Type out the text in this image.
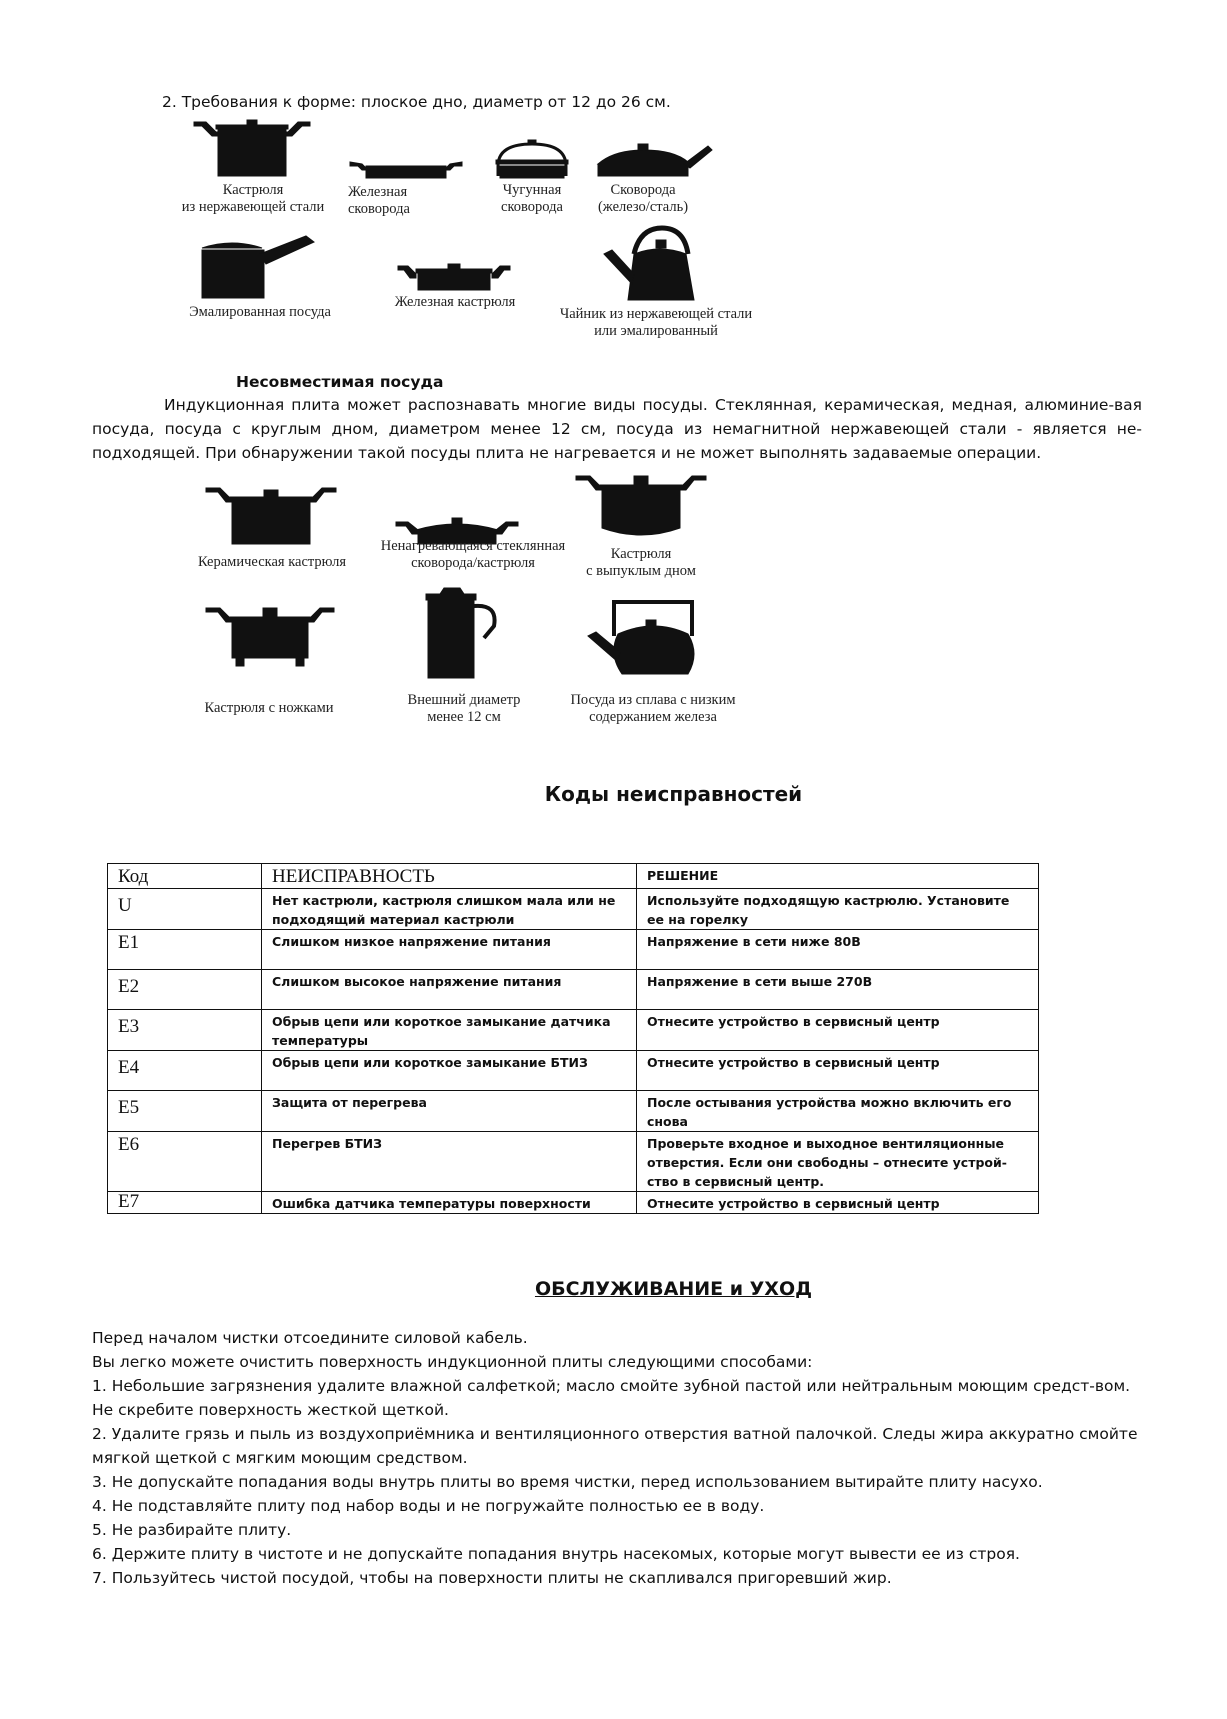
2. Требования к форме: плоское дно, диаметр от 12 до 26 см.
Кастрюля
из нержавеющей стали
Железная
сковорода
Чугунная
сковорода
Сковорода
(железо/сталь)
Эмалированная посуда
Железная кастрюля
Чайник из нержавеющей стали
или эмалированный
Несовместимая посуда
Индукционная плита может распознавать многие виды посуды. Стеклянная, керамическая, медная, алюминие-вая посуда, посуда с круглым дном, диаметром менее 12 см, посуда из немагнитной нержавеющей стали - является не-подходящей. При обнаружении такой посуды плита не нагревается и не может выполнять задаваемые операции.
Керамическая кастрюля
Ненагревающаяся стеклянная
сковорода/кастрюля
Кастрюля
с выпуклым дном
Кастрюля с ножками	Внешний диаметр
менее 12 см
Посуда из сплава с низким
содержанием железа
Коды неисправностей
Код	НЕИСПРАВНОСТЬ	РЕШЕНИЕ
U	Нет кастрюли, кастрюля слишком мала или не подходящий материал кастрюли	Используйте подходящую кастрюлю. Установите ее на горелку
E1	Слишком низкое напряжение питания	Напряжение в сети ниже 80В
E2	Слишком высокое напряжение питания	Напряжение в сети выше 270В
E3	Обрыв цепи или короткое замыкание датчика температуры	Отнесите устройство в сервисный центр
E4	Обрыв цепи или короткое замыкание БТИЗ	Отнесите устройство в сервисный центр
E5	Защита от перегрева	После остывания устройства можно включить его снова
E6	Перегрев БТИЗ	Проверьте входное и выходное вентиляционные отверстия. Если они свободны – отнесите устрой-ство в сервисный центр.
E7	Ошибка датчика температуры поверхности	Отнесите устройство в сервисный центр
ОБСЛУЖИВАНИЕ и УХОД
Перед началом чистки отсоедините силовой кабель.
Вы легко можете очистить поверхность индукционной плиты следующими способами:
1. Небольшие загрязнения удалите влажной салфеткой; масло смойте зубной пастой или нейтральным моющим средст-вом. Не скребите поверхность жесткой щеткой.
2. Удалите грязь и пыль из воздухоприёмника и вентиляционного отверстия ватной палочкой. Следы жира аккуратно смойте мягкой щеткой с мягким моющим средством.
3. Не допускайте попадания воды внутрь плиты во время чистки, перед использованием вытирайте плиту насухо.
4. Не подставляйте плиту под набор воды и не погружайте полностью ее в воду.
5. Не разбирайте плиту.
6. Держите плиту в чистоте и не допускайте попадания внутрь насекомых, которые могут вывести ее из строя.
7. Пользуйтесь чистой посудой, чтобы на поверхности плиты не скапливался пригоревший жир.
